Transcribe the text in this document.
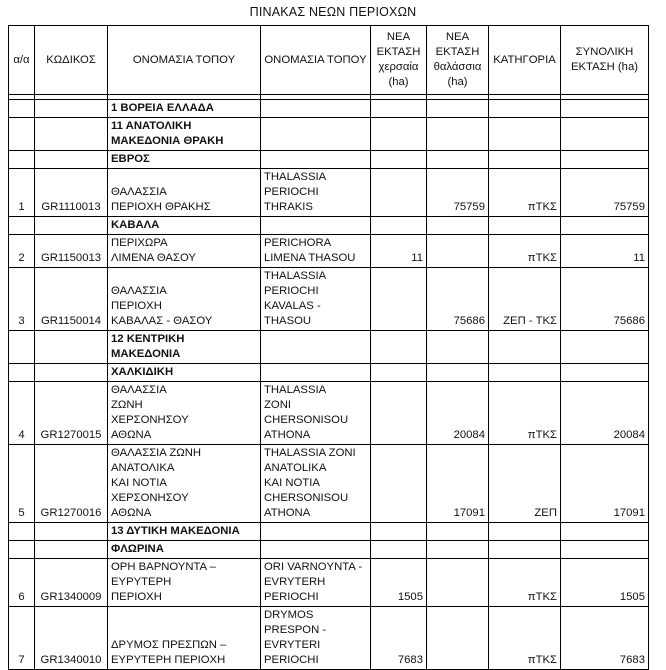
ΠΙΝΑΚΑΣ ΝΕΩΝ ΠΕΡΙΟΧΩΝ
α/α	ΚΩΔΙΚΟΣ	ΟΝΟΜΑΣΙΑ ΤΟΠΟΥ	ΟΝΟΜΑΣΙΑ ΤΟΠΟΥ	ΝΕΑ
ΕΚΤΑΣΗ
χερσαία
(ha)	ΝΕΑ
ΕΚΤΑΣΗ
θαλάσσια
(ha)	ΚΑΤΗΓΟΡΙΑ	ΣΥΝΟΛΙΚΗ
ΕΚΤΑΣΗ (ha)

		1 ΒΟΡΕΙΑ ΕΛΛΑΔΑ					
		11 ΑΝΑΤΟΛΙΚΗ
ΜΑΚΕΔΟΝΙΑ ΘΡΑΚΗ					
		ΕΒΡΟΣ					
1	GR1110013	ΘΑΛΑΣΣΙΑ
ΠΕΡΙΟΧΗ ΘΡΑΚΗΣ	THALASSIA
PERIOCHI THRAKIS		75759	πΤΚΣ	75759
		ΚΑΒΑΛΑ					
2	GR1150013	ΠΕΡΙΧΩΡΑ
ΛΙΜΕΝΑ ΘΑΣΟΥ	PERICHORA
LIMENA THASOU	11		πΤΚΣ	11
3	GR1150014	ΘΑΛΑΣΣΙΑ
ΠΕΡΙΟΧΗ
ΚΑΒΑΛΑΣ - ΘΑΣΟΥ	THALASSIA
PERIOCHI
KAVALAS - THASOU		75686	ΖΕΠ - ΤΚΣ	75686
		12 ΚΕΝΤΡΙΚΗ
ΜΑΚΕΔΟΝΙΑ					
		ΧΑΛΚΙΔΙΚΗ					
4	GR1270015	ΘΑΛΑΣΣΙΑ
ΖΩΝΗ
ΧΕΡΣΟΝΗΣΟΥ
ΑΘΩΝΑ	THALASSIA
ZONI
CHERSONISOU
ATHONA		20084	πΤΚΣ	20084
5	GR1270016	ΘΑΛΑΣΣΙΑ ΖΩΝΗ
ΑΝΑΤΟΛΙΚΑ
ΚΑΙ ΝΟΤΙΑ
ΧΕΡΣΟΝΗΣΟΥ
ΑΘΩΝΑ	THALASSIA ZONI
ANATOLIKA
KAI NOTIA
CHERSONISOU
ATHONA		17091	ΖΕΠ	17091
		13 ΔΥΤΙΚΗ ΜΑΚΕΔΟΝΙΑ					
		ΦΛΩΡΙΝΑ					
6	GR1340009	ΟΡΗ ΒΑΡΝΟΥΝΤΑ –
ΕΥΡΥΤΕΡΗ
ΠΕΡΙΟΧΗ	ORI VARNOYNTA -
EVRYTERH
PERIOCHI	1505		πΤΚΣ	1505
7	GR1340010	ΔΡΥΜΟΣ ΠΡΕΣΠΩΝ –
ΕΥΡΥΤΕΡΗ ΠΕΡΙΟΧΗ	DRYMOS PRESPON -
EVRYTERI PERIOCHI	7683		πΤΚΣ	7683
